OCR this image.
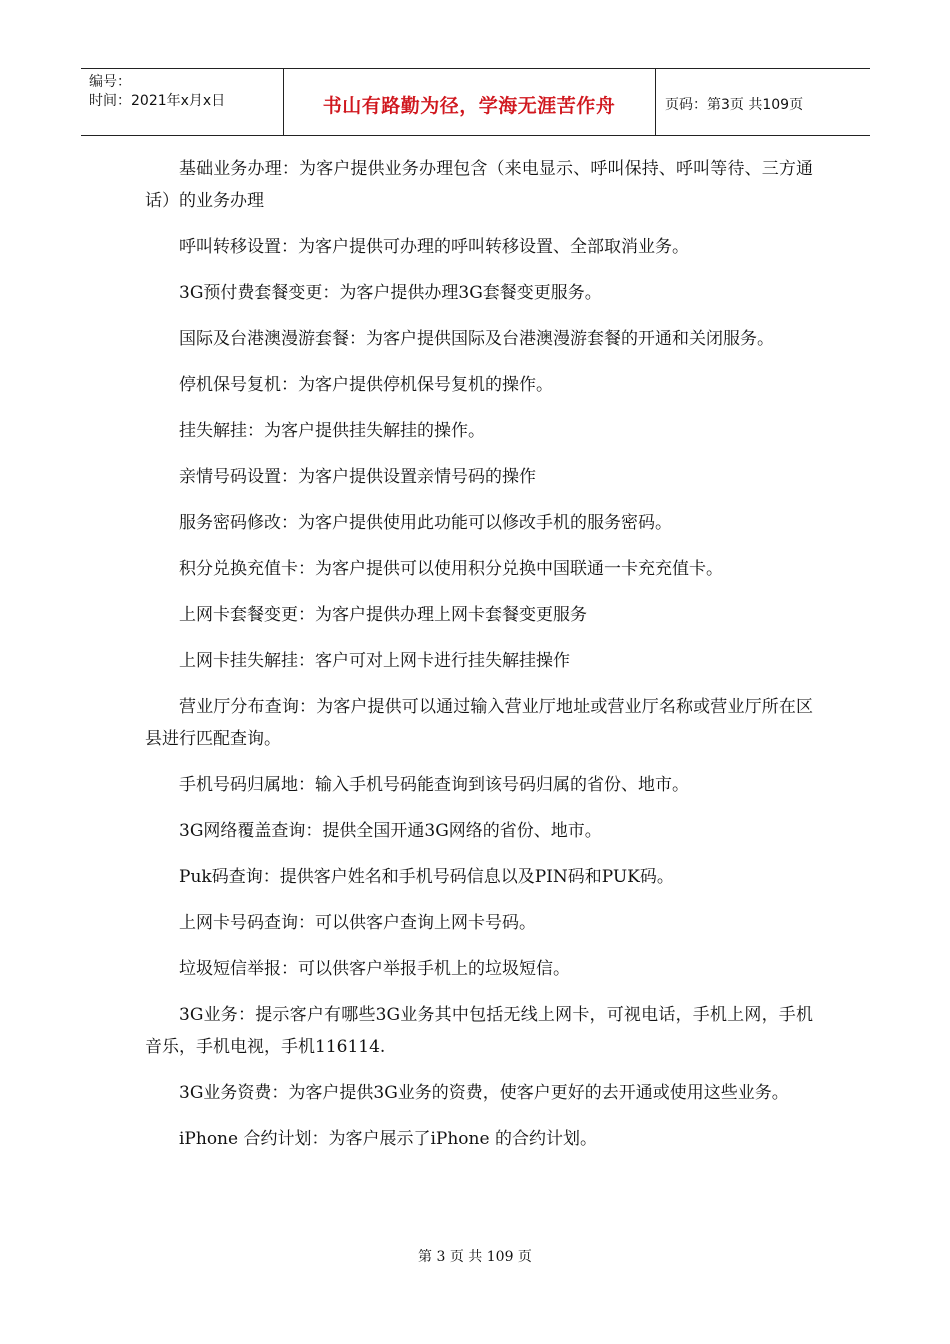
编号：
时间：2021年x月x日	书山有路勤为径，学海无涯苦作舟	页码：第3页 共109页

基础业务办理：为客户提供业务办理包含（来电显示、呼叫保持、呼叫等待、三方通话）的业务办理

呼叫转移设置：为客户提供可办理的呼叫转移设置、全部取消业务。

3G预付费套餐变更：为客户提供办理3G套餐变更服务。

国际及台港澳漫游套餐：为客户提供国际及台港澳漫游套餐的开通和关闭服务。

停机保号复机：为客户提供停机保号复机的操作。

挂失解挂：为客户提供挂失解挂的操作。

亲情号码设置：为客户提供设置亲情号码的操作

服务密码修改：为客户提供使用此功能可以修改手机的服务密码。

积分兑换充值卡：为客户提供可以使用积分兑换中国联通一卡充充值卡。

上网卡套餐变更：为客户提供办理上网卡套餐变更服务

上网卡挂失解挂：客户可对上网卡进行挂失解挂操作

营业厅分布查询：为客户提供可以通过输入营业厅地址或营业厅名称或营业厅所在区县进行匹配查询。

手机号码归属地：输入手机号码能查询到该号码归属的省份、地市。

3G网络覆盖查询：提供全国开通3G网络的省份、地市。

Puk码查询：提供客户姓名和手机号码信息以及PIN码和PUK码。

上网卡号码查询：可以供客户查询上网卡号码。

垃圾短信举报：可以供客户举报手机上的垃圾短信。

3G业务：提示客户有哪些3G业务其中包括无线上网卡，可视电话，手机上网，手机音乐，手机电视，手机116114.

3G业务资费：为客户提供3G业务的资费，使客户更好的去开通或使用这些业务。

iPhone 合约计划：为客户展示了iPhone 的合约计划。

第 3 页 共 109 页
